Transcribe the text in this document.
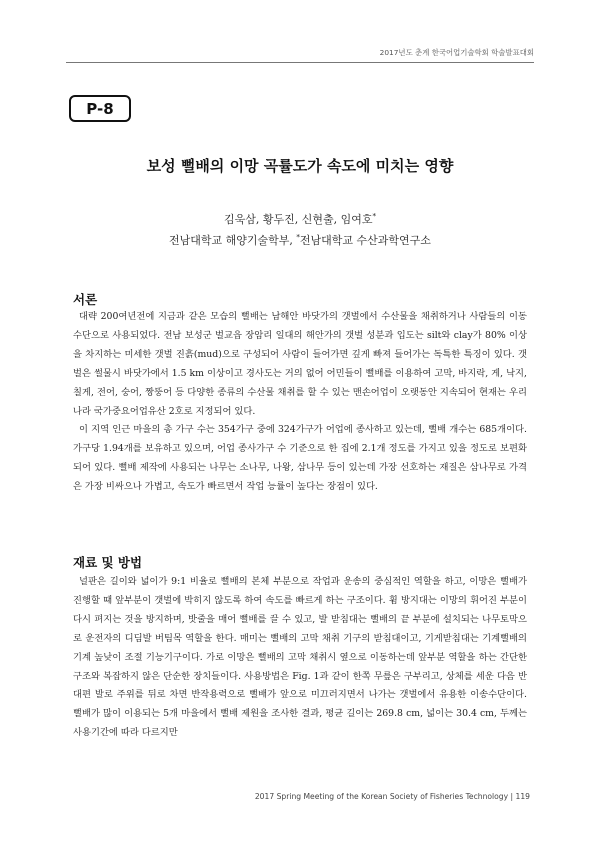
2017년도 춘계 한국어업기술학회 학술발표대회
P-8
보성 뻘배의 이망 곡률도가 속도에 미치는 영향
김욱삼, 황두진, 신현출, 임여호*
전남대학교 해양기술학부, *전남대학교 수산과학연구소
서론

대략 200여년전에 지금과 같은 모습의 뻘배는 남해안 바닷가의 갯벌에서 수산물을 채취하거나 사람들의 이동 수단으로 사용되었다. 전남 보성군 벌교읍 장암리 일대의 해안가의 갯벌 성분과 입도는 silt와 clay가 80% 이상을 차지하는 미세한 갯벌 진흙(mud)으로 구성되어 사람이 들어가면 깊게 빠져 들어가는 독특한 특징이 있다. 갯벌은 썰물시 바닷가에서 1.5 km 이상이고 경사도는 거의 없어 어민들이 뻘배를 이용하여 고막, 바지락, 게, 낙지, 칠게, 전어, 숭어, 짱뚱어 등 다양한 종류의 수산물 채취를 할 수 있는 맨손어업이 오랫동안 지속되어 현재는 우리나라 국가중요어업유산 2호로 지정되어 있다.

이 지역 인근 마을의 총 가구 수는 354가구 중에 324가구가 어업에 종사하고 있는데, 뻘배 개수는 685개이다. 가구당 1.94개를 보유하고 있으며, 어업 종사가구 수 기준으로 한 집에 2.1개 정도를 가지고 있을 정도로 보편화되어 있다. 뻘배 제작에 사용되는 나무는 소나무, 나왕, 삼나무 등이 있는데 가장 선호하는 재질은 삼나무로 가격은 가장 비싸으나 가볍고, 속도가 빠르면서 작업 능률이 높다는 장점이 있다.

재료 및 방법

널판은 길이와 넓이가 9:1 비율로 뻘배의 본체 부분으로 작업과 운송의 중심적인 역할을 하고, 이망은 뻘배가 진행할 때 앞부분이 갯벌에 박히지 않도록 하여 속도를 빠르게 하는 구조이다. 휨 방지대는 이망의 휘어진 부분이 다시 펴지는 것을 방지하며, 밧줄을 매어 뻘배를 끌 수 있고, 발 받침대는 뻘배의 끝 부분에 설치되는 나무토막으로 운전자의 디딤발 버팀목 역할을 한다. 매미는 뻘배의 고막 채취 기구의 받침대이고, 기게받침대는 기계뻘배의 기계 높낮이 조절 기능기구이다. 가로 이망은 뻘배의 고막 채취시 옆으로 이동하는데 앞부분 역할을 하는 간단한 구조와 복잡하지 않은 단순한 장치들이다. 사용방법은 Fig. 1과 같이 한쪽 무릎은 구부리고, 상체를 세운 다음 반대편 발로 주위를 뒤로 차면 반작용력으로 뻘배가 앞으로 미끄러지면서 나가는 갯벌에서 유용한 이송수단이다. 뻘배가 많이 이용되는 5개 마을에서 뻘배 제원을 조사한 결과, 평균 길이는 269.8 cm, 넓이는 30.4 cm, 두께는 사용기간에 따라 다르지만

2017 Spring Meeting of the Korean Society of Fisheries Technology | 119
